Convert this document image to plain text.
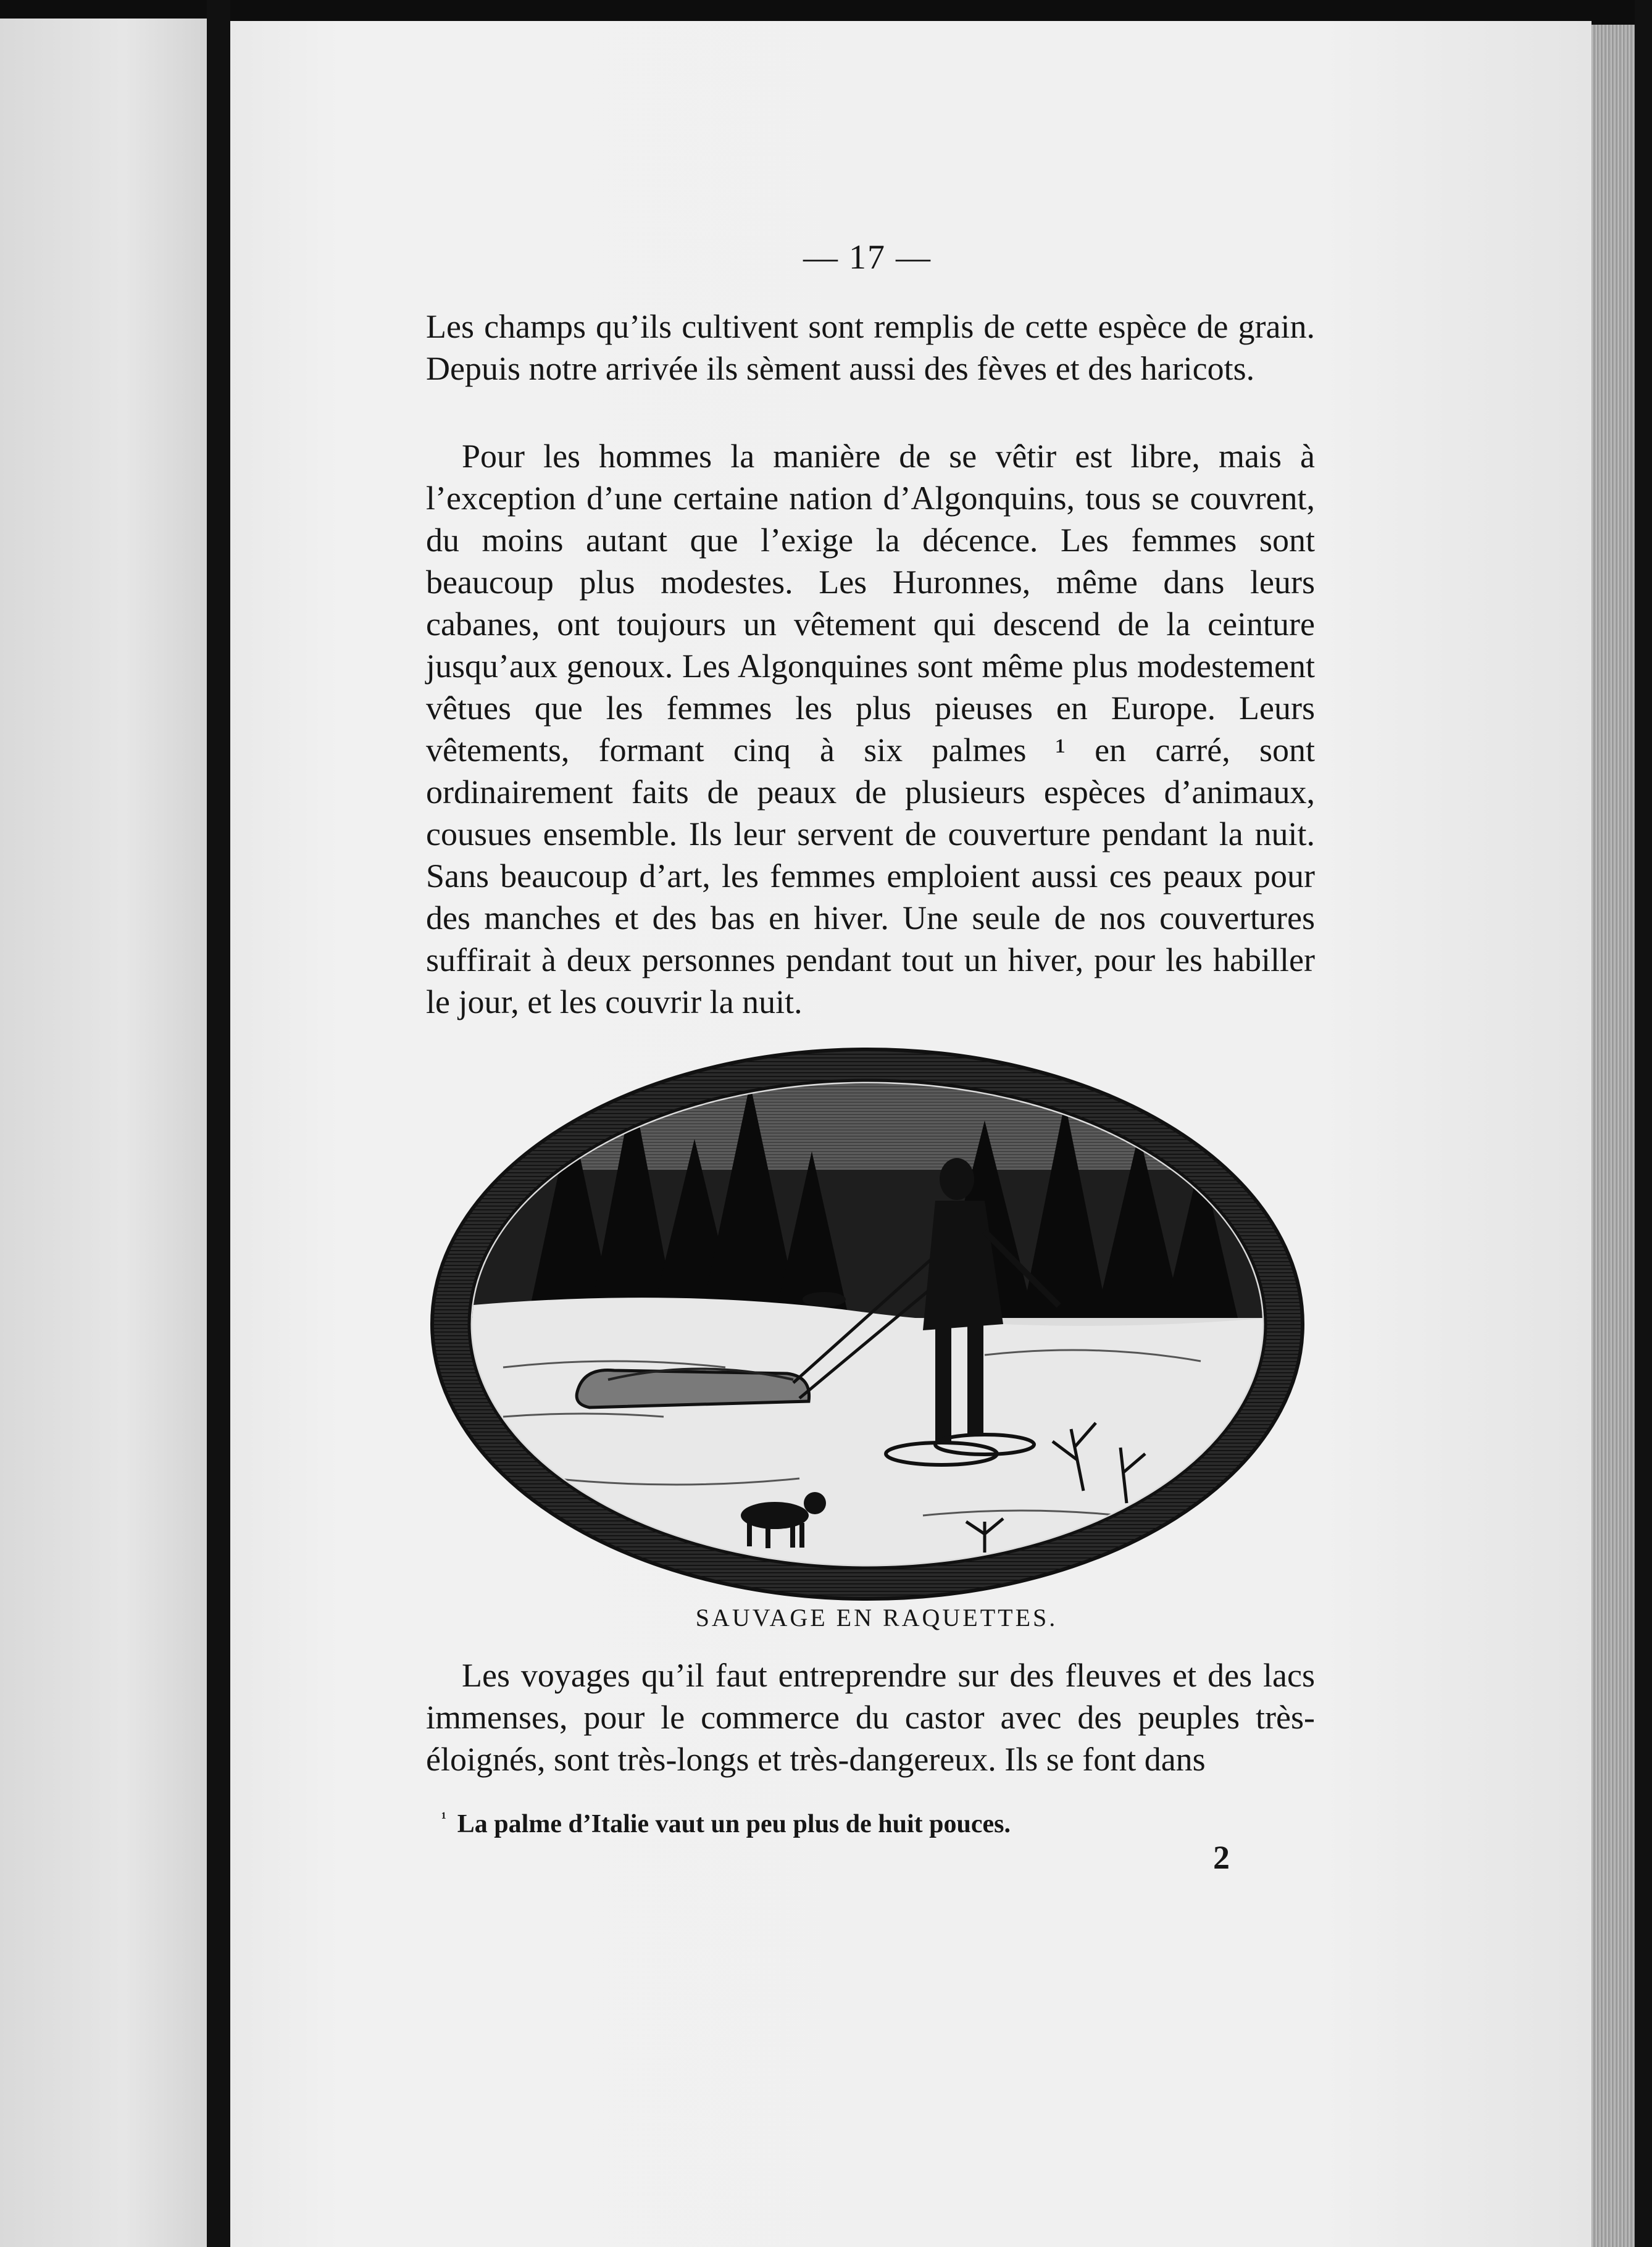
— 17 —

Les champs qu’ils cultivent sont remplis de cette espèce de grain. Depuis notre arrivée ils sèment aussi des fèves et des haricots.

Pour les hommes la manière de se vêtir est libre, mais à l’exception d’une certaine nation d’Algonquins, tous se couvrent, du moins autant que l’exige la décence. Les femmes sont beaucoup plus modestes. Les Huronnes, même dans leurs cabanes, ont toujours un vêtement qui descend de la ceinture jusqu’aux genoux. Les Algonquines sont même plus modestement vêtues que les femmes les plus pieuses en Europe. Leurs vêtements, formant cinq à six palmes ¹ en carré, sont ordinairement faits de peaux de plusieurs espèces d’animaux, cousues ensemble. Ils leur servent de couverture pendant la nuit. Sans beaucoup d’art, les femmes emploient aussi ces peaux pour des manches et des bas en hiver. Une seule de nos couvertures suffirait à deux personnes pendant tout un hiver, pour les habiller le jour, et les couvrir la nuit.

SAUVAGE EN RAQUETTES.

Les voyages qu’il faut entreprendre sur des fleuves et des lacs immenses, pour le commerce du castor avec des peuples très-éloignés, sont très-longs et très-dangereux. Ils se font dans

$^{^1}$ La palme d’Italie vaut un peu plus de huit pouces.
2
